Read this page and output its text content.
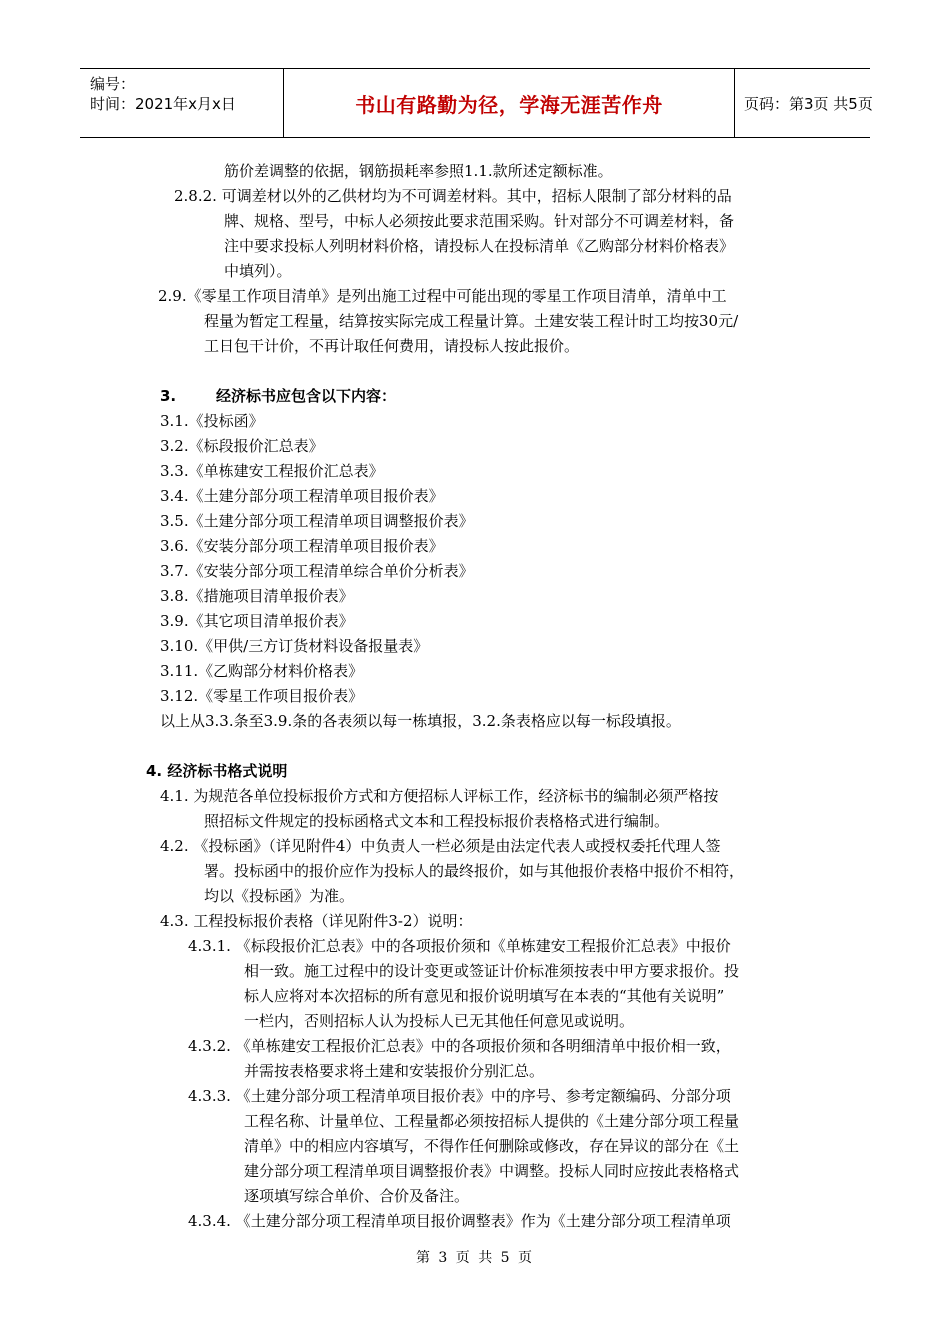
编号：
时间：2021年x月x日	书山有路勤为径，学海无涯苦作舟	页码：第3页 共5页
筋价差调整的依据，钢筋损耗率参照1.1.款所述定额标准。
2.8.2. 可调差材以外的乙供材均为不可调差材料。其中，招标人限制了部分材料的品
牌、规格、型号，中标人必须按此要求范围采购。针对部分不可调差材料，备
注中要求投标人列明材料价格，请投标人在投标清单《乙购部分材料价格表》
中填列）。
2.9.《零星工作项目清单》是列出施工过程中可能出现的零星工作项目清单，清单中工
程量为暂定工程量，结算按实际完成工程量计算。土建安装工程计时工均按30元/
工日包干计价，不再计取任何费用，请投标人按此报价。
3.	经济标书应包含以下内容：
3.1.《投标函》
3.2.《标段报价汇总表》
3.3.《单栋建安工程报价汇总表》
3.4.《土建分部分项工程清单项目报价表》
3.5.《土建分部分项工程清单项目调整报价表》
3.6.《安装分部分项工程清单项目报价表》
3.7.《安装分部分项工程清单综合单价分析表》
3.8.《措施项目清单报价表》
3.9.《其它项目清单报价表》
3.10.《甲供/三方订货材料设备报量表》
3.11.《乙购部分材料价格表》
3.12.《零星工作项目报价表》
以上从3.3.条至3.9.条的各表须以每一栋填报，3.2.条表格应以每一标段填报。
4. 经济标书格式说明
4.1. 为规范各单位投标报价方式和方便招标人评标工作，经济标书的编制必须严格按
照招标文件规定的投标函格式文本和工程投标报价表格格式进行编制。
4.2. 《投标函》（详见附件4）中负责人一栏必须是由法定代表人或授权委托代理人签
署。投标函中的报价应作为投标人的最终报价，如与其他报价表格中报价不相符，
均以《投标函》为准。
4.3. 工程投标报价表格（详见附件3-2）说明：
4.3.1. 《标段报价汇总表》中的各项报价须和《单栋建安工程报价汇总表》中报价
相一致。施工过程中的设计变更或签证计价标准须按表中甲方要求报价。投
标人应将对本次招标的所有意见和报价说明填写在本表的“其他有关说明”
一栏内，否则招标人认为投标人已无其他任何意见或说明。
4.3.2. 《单栋建安工程报价汇总表》中的各项报价须和各明细清单中报价相一致，
并需按表格要求将土建和安装报价分别汇总。
4.3.3. 《土建分部分项工程清单项目报价表》中的序号、参考定额编码、分部分项
工程名称、计量单位、工程量都必须按招标人提供的《土建分部分项工程量
清单》中的相应内容填写，不得作任何删除或修改，存在异议的部分在《土
建分部分项工程清单项目调整报价表》中调整。投标人同时应按此表格格式
逐项填写综合单价、合价及备注。
4.3.4. 《土建分部分项工程清单项目报价调整表》作为《土建分部分项工程清单项
第 3 页 共 5 页
